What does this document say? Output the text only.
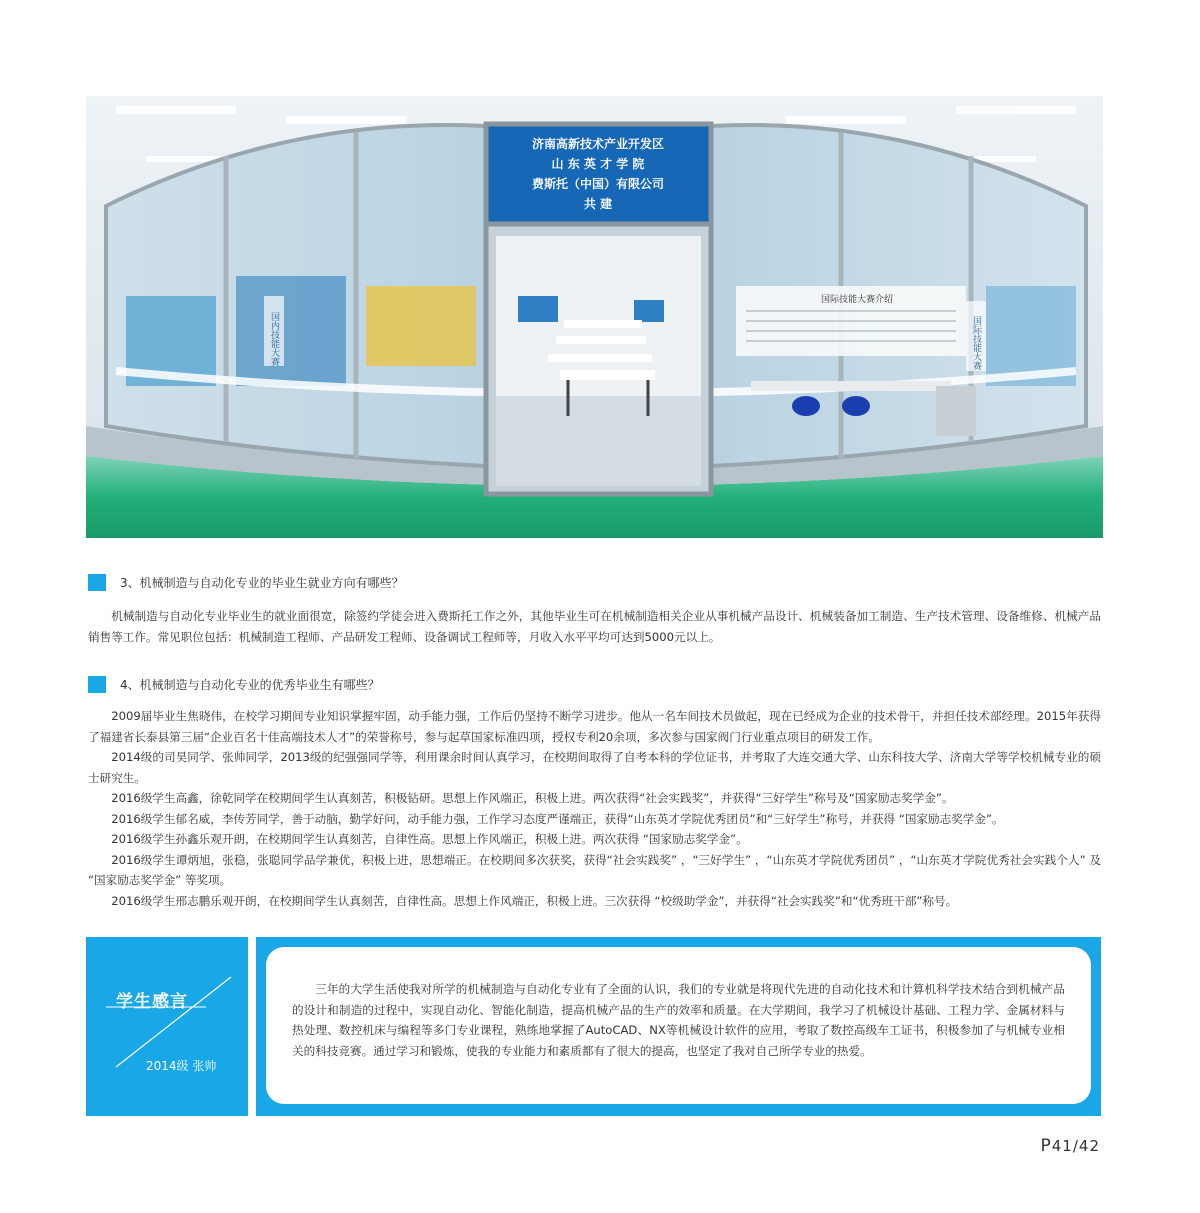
国内技能大赛
国际技能大赛介绍
国际技能大赛
济南高新技术产业开发区
山 东 英 才 学 院
费斯托（中国）有限公司
共 建
3、机械制造与自动化专业的毕业生就业方向有哪些？

机械制造与自动化专业毕业生的就业面很宽，除签约学徒会进入费斯托工作之外，其他毕业生可在机械制造相关企业从事机械产品设计、机械装备加工制造、生产技术管理、设备维修、机械产品销售等工作。常见职位包括：机械制造工程师、产品研发工程师、设备调试工程师等，月收入水平平均可达到5000元以上。

4、机械制造与自动化专业的优秀毕业生有哪些？

2009届毕业生焦晓伟，在校学习期间专业知识掌握牢固，动手能力强，工作后仍坚持不断学习进步。他从一名车间技术员做起，现在已经成为企业的技术骨干，并担任技术部经理。2015年获得了福建省长泰县第三届“企业百名十佳高端技术人才”的荣誉称号，参与起草国家标准四项，授权专利20余项，多次参与国家阀门行业重点项目的研发工作。

2014级的司昊同学、张帅同学，2013级的纪强强同学等，利用课余时间认真学习，在校期间取得了自考本科的学位证书，并考取了大连交通大学、山东科技大学、济南大学等学校机械专业的硕士研究生。

2016级学生高鑫，徐乾同学在校期间学生认真刻苦，积极钻研。思想上作风端正，积极上进。两次获得“社会实践奖”，并获得“三好学生”称号及“国家励志奖学金”。

2016级学生郁名威，李传芳同学，善于动脑，勤学好问，动手能力强，工作学习态度严谨端正，获得“山东英才学院优秀团员”和“三好学生”称号，并获得 “国家励志奖学金”。

2016级学生孙鑫乐观开朗，在校期间学生认真刻苦，自律性高。思想上作风端正，积极上进。两次获得 “国家励志奖学金”。

2016级学生谭炳旭，张稳，张聪同学品学兼优，积极上进，思想端正。在校期间多次获奖，获得“社会实践奖” ，“三好学生” ，“山东英才学院优秀团员” ，“山东英才学院优秀社会实践个人” 及 “国家励志奖学金” 等奖项。

2016级学生邢志鹏乐观开朗，在校期间学生认真刻苦，自律性高。思想上作风端正，积极上进。三次获得 “校级助学金”，并获得“社会实践奖”和“优秀班干部”称号。

学生感言
2014级 张帅
三年的大学生活使我对所学的机械制造与自动化专业有了全面的认识，我们的专业就是将现代先进的自动化技术和计算机科学技术结合到机械产品的设计和制造的过程中，实现自动化、智能化制造，提高机械产品的生产的效率和质量。在大学期间，我学习了机械设计基础、工程力学、金属材料与热处理、数控机床与编程等多门专业课程，熟练地掌握了AutoCAD、NX等机械设计软件的应用，考取了数控高级车工证书，积极参加了与机械专业相关的科技竞赛。通过学习和锻炼，使我的专业能力和素质都有了很大的提高，也坚定了我对自己所学专业的热爱。
P41/42
